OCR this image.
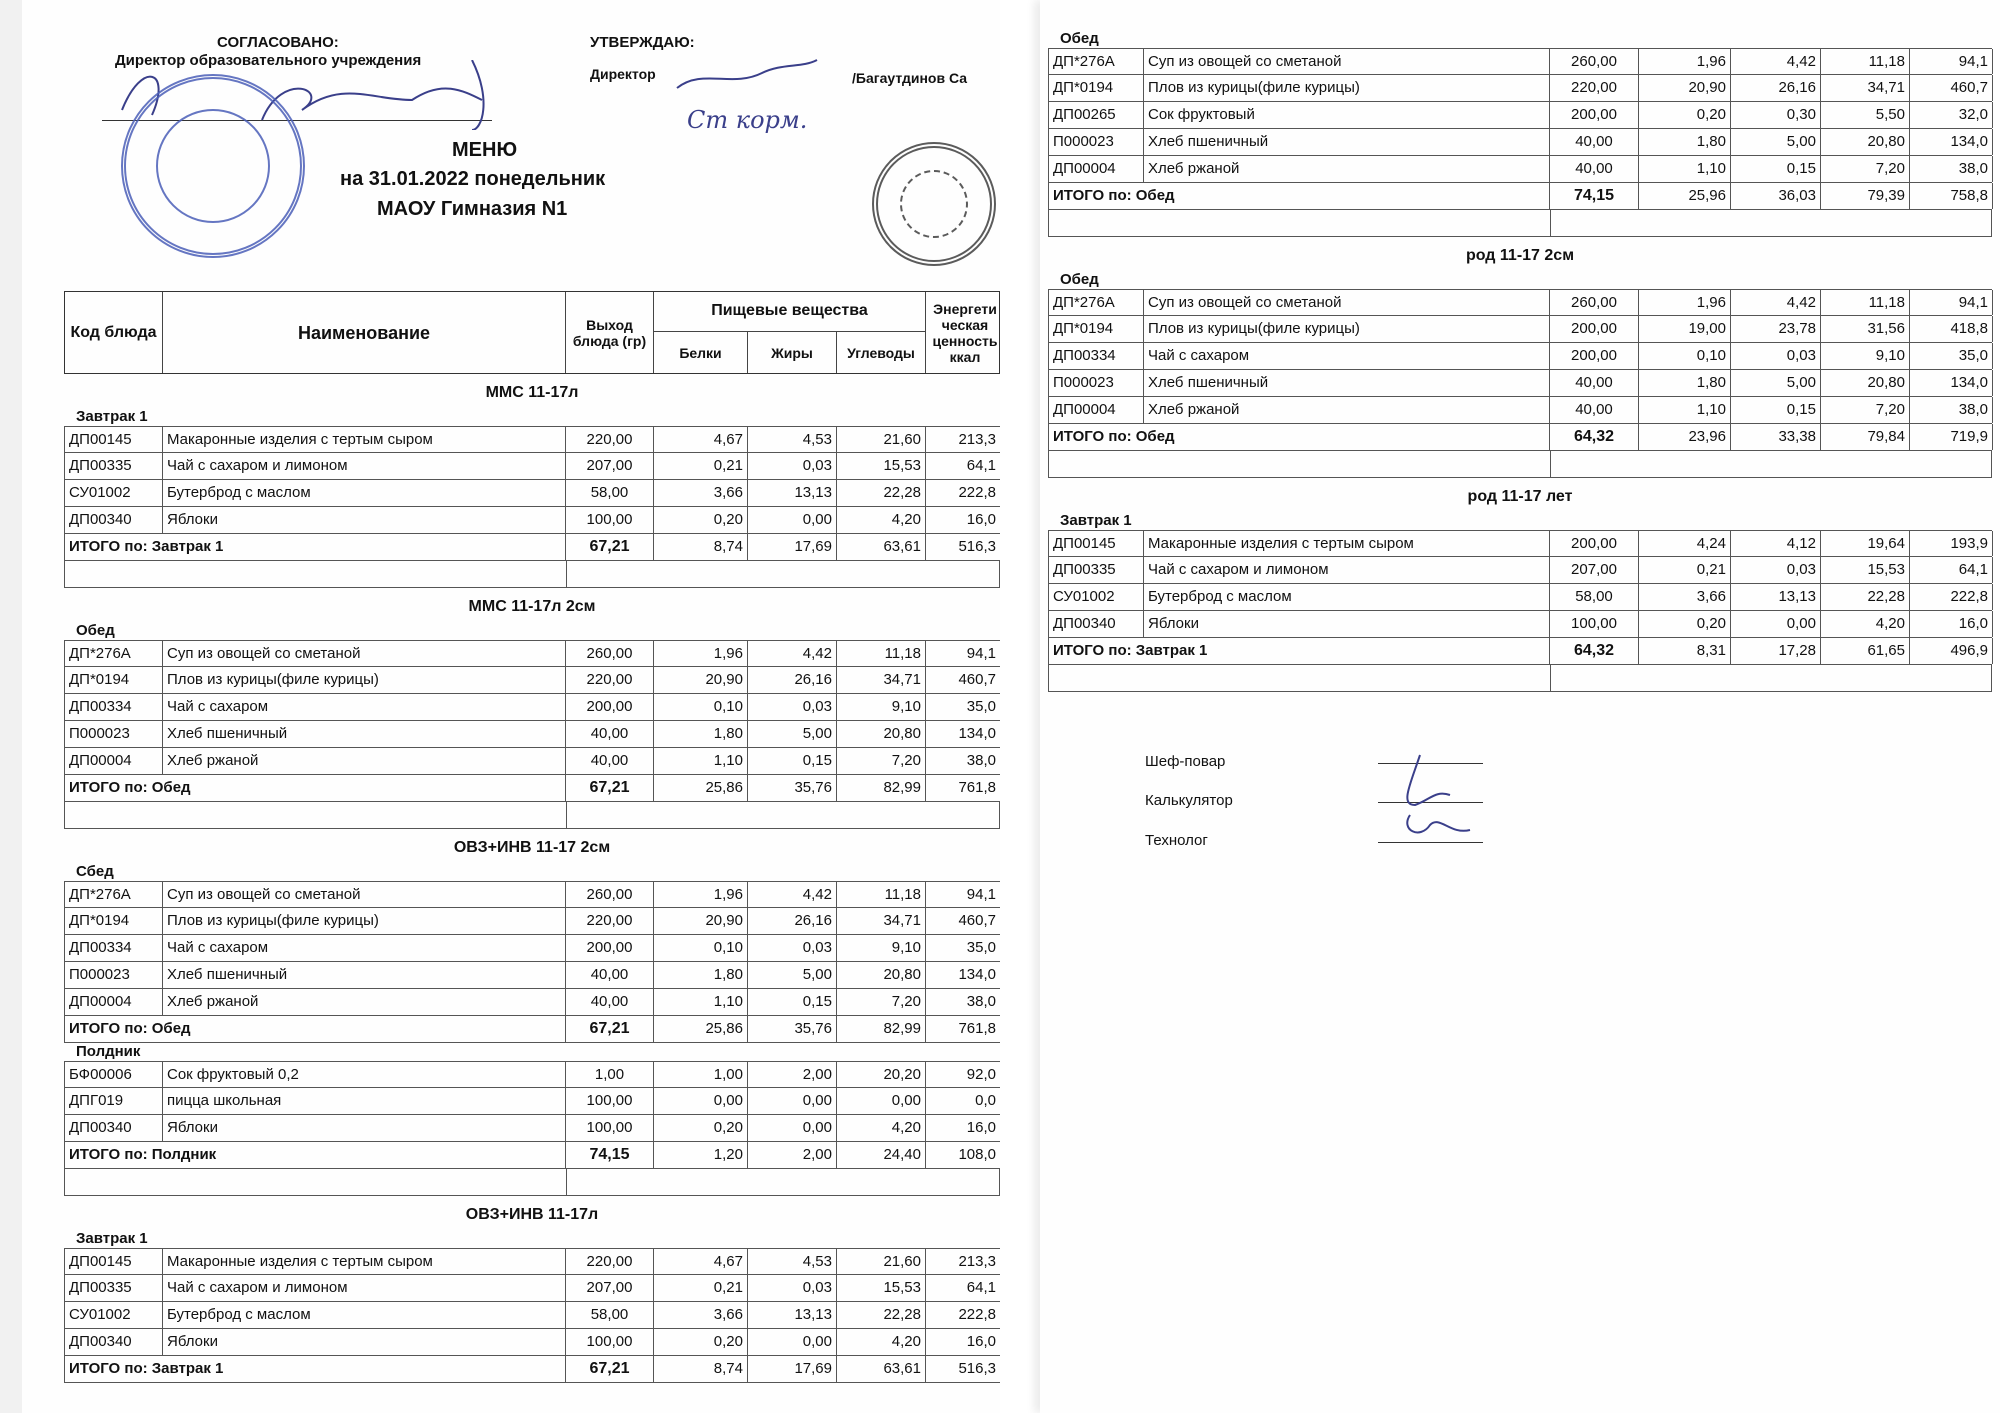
СОГЛАСОВАНО:
Директор образовательного учреждения
УТВЕРЖДАЮ:
Директор	/Багаутдинов Са
Ст корм.
МЕНЮ
на 31.01.2022 понедельник
МАОУ Гимназия N1
Код блюда	Наименование	Выход блюда (гр)
Пищевые вещества	Энергети ческая ценность ккал
Белки	Жиры	Углеводы
ММС 11-17л
Завтрак 1
ДП00145	Макаронные изделия с тертым сыром	220,00	4,67	4,53	21,60	213,3
ДП00335	Чай с сахаром и лимоном	207,00	0,21	0,03	15,53	64,1
СУ01002	Бутерброд с маслом	58,00	3,66	13,13	22,28	222,8
ДП00340	Яблоки	100,00	0,20	0,00	4,20	16,0
ИТОГО по: Завтрак 1	67,21	8,74	17,69	63,61	516,3
ММС 11-17л 2см
Обед
ДП*276А	Суп из овощей со сметаной	260,00	1,96	4,42	11,18	94,1
ДП*0194	Плов из курицы(филе курицы)	220,00	20,90	26,16	34,71	460,7
ДП00334	Чай с сахаром	200,00	0,10	0,03	9,10	35,0
П000023	Хлеб пшеничный	40,00	1,80	5,00	20,80	134,0
ДП00004	Хлеб ржаной	40,00	1,10	0,15	7,20	38,0
ИТОГО по: Обед	67,21	25,86	35,76	82,99	761,8
ОВЗ+ИНВ 11-17 2см
Сбед
ДП*276А	Суп из овощей со сметаной	260,00	1,96	4,42	11,18	94,1
ДП*0194	Плов из курицы(филе курицы)	220,00	20,90	26,16	34,71	460,7
ДП00334	Чай с сахаром	200,00	0,10	0,03	9,10	35,0
П000023	Хлеб пшеничный	40,00	1,80	5,00	20,80	134,0
ДП00004	Хлеб ржаной	40,00	1,10	0,15	7,20	38,0
ИТОГО по: Обед	67,21	25,86	35,76	82,99	761,8
Полдник
БФ00006	Сок фруктовый 0,2	1,00	1,00	2,00	20,20	92,0
ДПГ019	пицца школьная	100,00	0,00	0,00	0,00	0,0
ДП00340	Яблоки	100,00	0,20	0,00	4,20	16,0
ИТОГО по: Полдник	74,15	1,20	2,00	24,40	108,0
ОВЗ+ИНВ 11-17л
Завтрак 1
ДП00145	Макаронные изделия с тертым сыром	220,00	4,67	4,53	21,60	213,3
ДП00335	Чай с сахаром и лимоном	207,00	0,21	0,03	15,53	64,1
СУ01002	Бутерброд с маслом	58,00	3,66	13,13	22,28	222,8
ДП00340	Яблоки	100,00	0,20	0,00	4,20	16,0
ИТОГО по: Завтрак 1	67,21	8,74	17,69	63,61	516,3
Обед
ДП*276А	Суп из овощей со сметаной	260,00	1,96	4,42	11,18	94,1
ДП*0194	Плов из курицы(филе курицы)	220,00	20,90	26,16	34,71	460,7
ДП00265	Сок фруктовый	200,00	0,20	0,30	5,50	32,0
П000023	Хлеб пшеничный	40,00	1,80	5,00	20,80	134,0
ДП00004	Хлеб ржаной	40,00	1,10	0,15	7,20	38,0
ИТОГО по: Обед	74,15	25,96	36,03	79,39	758,8
род 11-17 2см
Обед
ДП*276А	Суп из овощей со сметаной	260,00	1,96	4,42	11,18	94,1
ДП*0194	Плов из курицы(филе курицы)	200,00	19,00	23,78	31,56	418,8
ДП00334	Чай с сахаром	200,00	0,10	0,03	9,10	35,0
П000023	Хлеб пшеничный	40,00	1,80	5,00	20,80	134,0
ДП00004	Хлеб ржаной	40,00	1,10	0,15	7,20	38,0
ИТОГО по: Обед	64,32	23,96	33,38	79,84	719,9
род 11-17 лет
Завтрак 1
ДП00145	Макаронные изделия с тертым сыром	200,00	4,24	4,12	19,64	193,9
ДП00335	Чай с сахаром и лимоном	207,00	0,21	0,03	15,53	64,1
СУ01002	Бутерброд с маслом	58,00	3,66	13,13	22,28	222,8
ДП00340	Яблоки	100,00	0,20	0,00	4,20	16,0
ИТОГО по: Завтрак 1	64,32	8,31	17,28	61,65	496,9
Шеф-повар
Калькулятор
Технолог
